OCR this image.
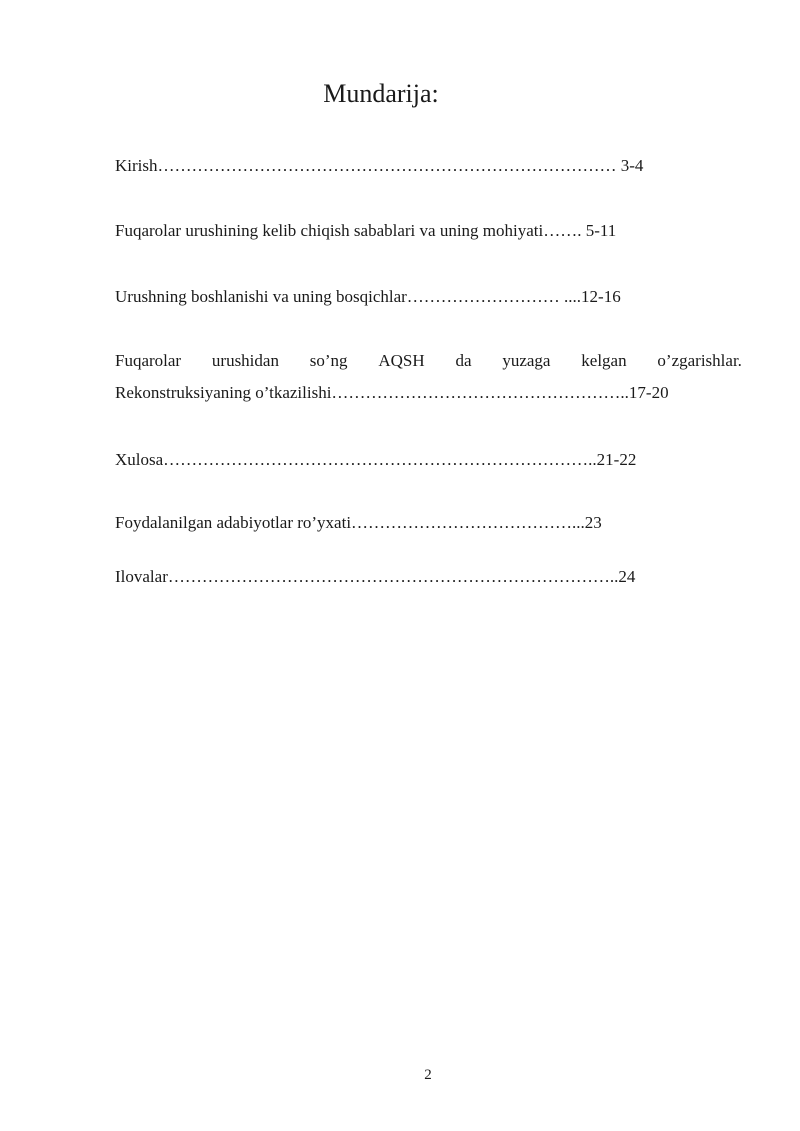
Mundarija:
Kirish……………………………………………………………………… 3-4
Fuqarolar urushining kelib chiqish sabablari va uning mohiyati……. 5-11
Urushning boshlanishi va uning bosqichlar……………………… ....12-16
Fuqarolar urushidan so’ng AQSH da yuzaga kelgan o’zgarishlar.
Rekonstruksiyaning o’tkazilishi……………………………………………..17-20
Xulosa…………………………………………………………………..21-22
Foydalanilgan adabiyotlar ro’yxati…………………………………...23
Ilovalar……………………………………………………………………..24
2
